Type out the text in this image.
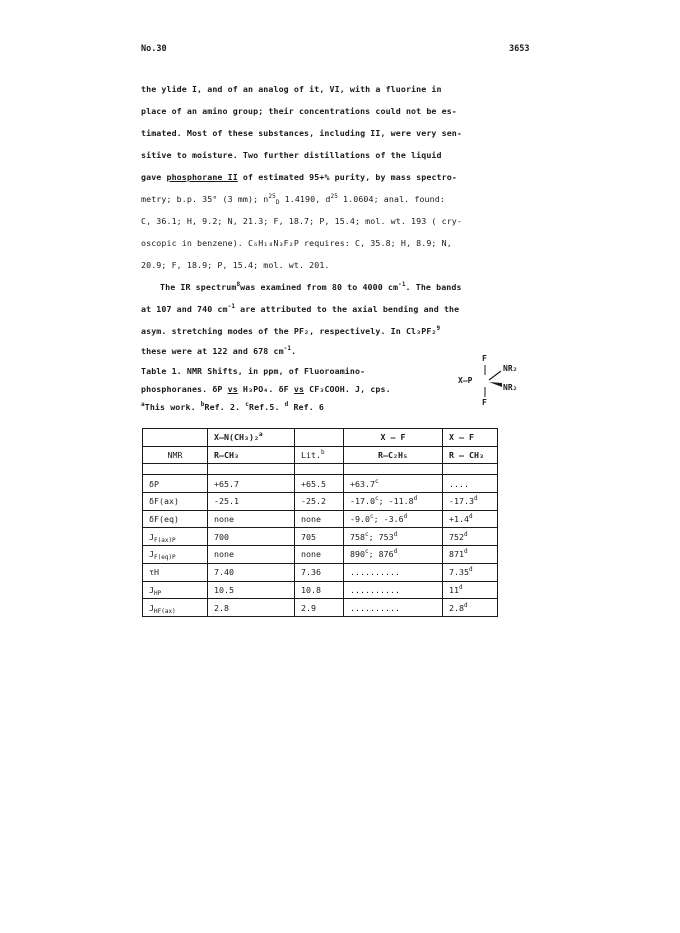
No.30	3653
the ylide I, and of an analog of it, VI, with a fluorine in
place of an amino group; their concentrations could not be es-
timated. Most of these substances, including II, were very sen-
sitive to moisture. Two further distillations of the liquid
gave phosphorane II of estimated 95+% purity, by mass spectro-
metry; b.p. 35° (3 mm); $n^{25}_D$ 1.4190, $d^{25}$ 1.0604; anal. found:
C, 36.1; H, 9.2; N, 21.3; F, 18.7; P, 15.4; mol. wt. 193 ( cry-
oscopic in benzene). C₆H₁₈N₃F₂P requires: C, 35.8; H, 8.9; N,
20.9; F, 18.9; P, 15.4; mol. wt. 201.
The IR spectrum$^8$was examined from 80 to 4000 $cm^{-1}$. The bands
at 107 and 740 $cm^{-1}$ are attributed to the axial bending and the
asym. stretching modes of the PF₂, respectively. In Cl₃PF₂$^9$
these were at 122 and 678 $cm^{-1}$.
Table 1. NMR Shifts, in ppm, of Fluoroamino-
phosphoranes. δP vs H₃PO₄. δF vs CF₃COOH. J, cps.
$^a$This work. $^b$Ref. 2. $^c$Ref.5. $^d$ Ref. 6
F
X—P
NR₂
NR₂
F
	X—N(CH₃)₂$^a$		X — F	X — F
NMR	R—CH₃	Lit.$^b$	R—C₂H₅	R — CH₃

δP	+65.7	+65.5	+63.7$^c$	....
δF(ax)	-25.1	-25.2	-17.0$^c$; -11.8$^d$	-17.3$^d$
δF(eq)	none	none	-9.0$^c$; -3.6$^d$	+1.4$^d$
$J_{F(ax)P}$	700	705	758$^c$; 753$^d$	752$^d$
$J_{F(eq)P}$	none	none	890$^c$; 876$^d$	871$^d$
τH	7.40	7.36	..........	7.35$^d$
$J_{HP}$	10.5	10.8	..........	11$^d$
$J_{HF(ax)}$	2.8	2.9	..........	2.8$^d$
